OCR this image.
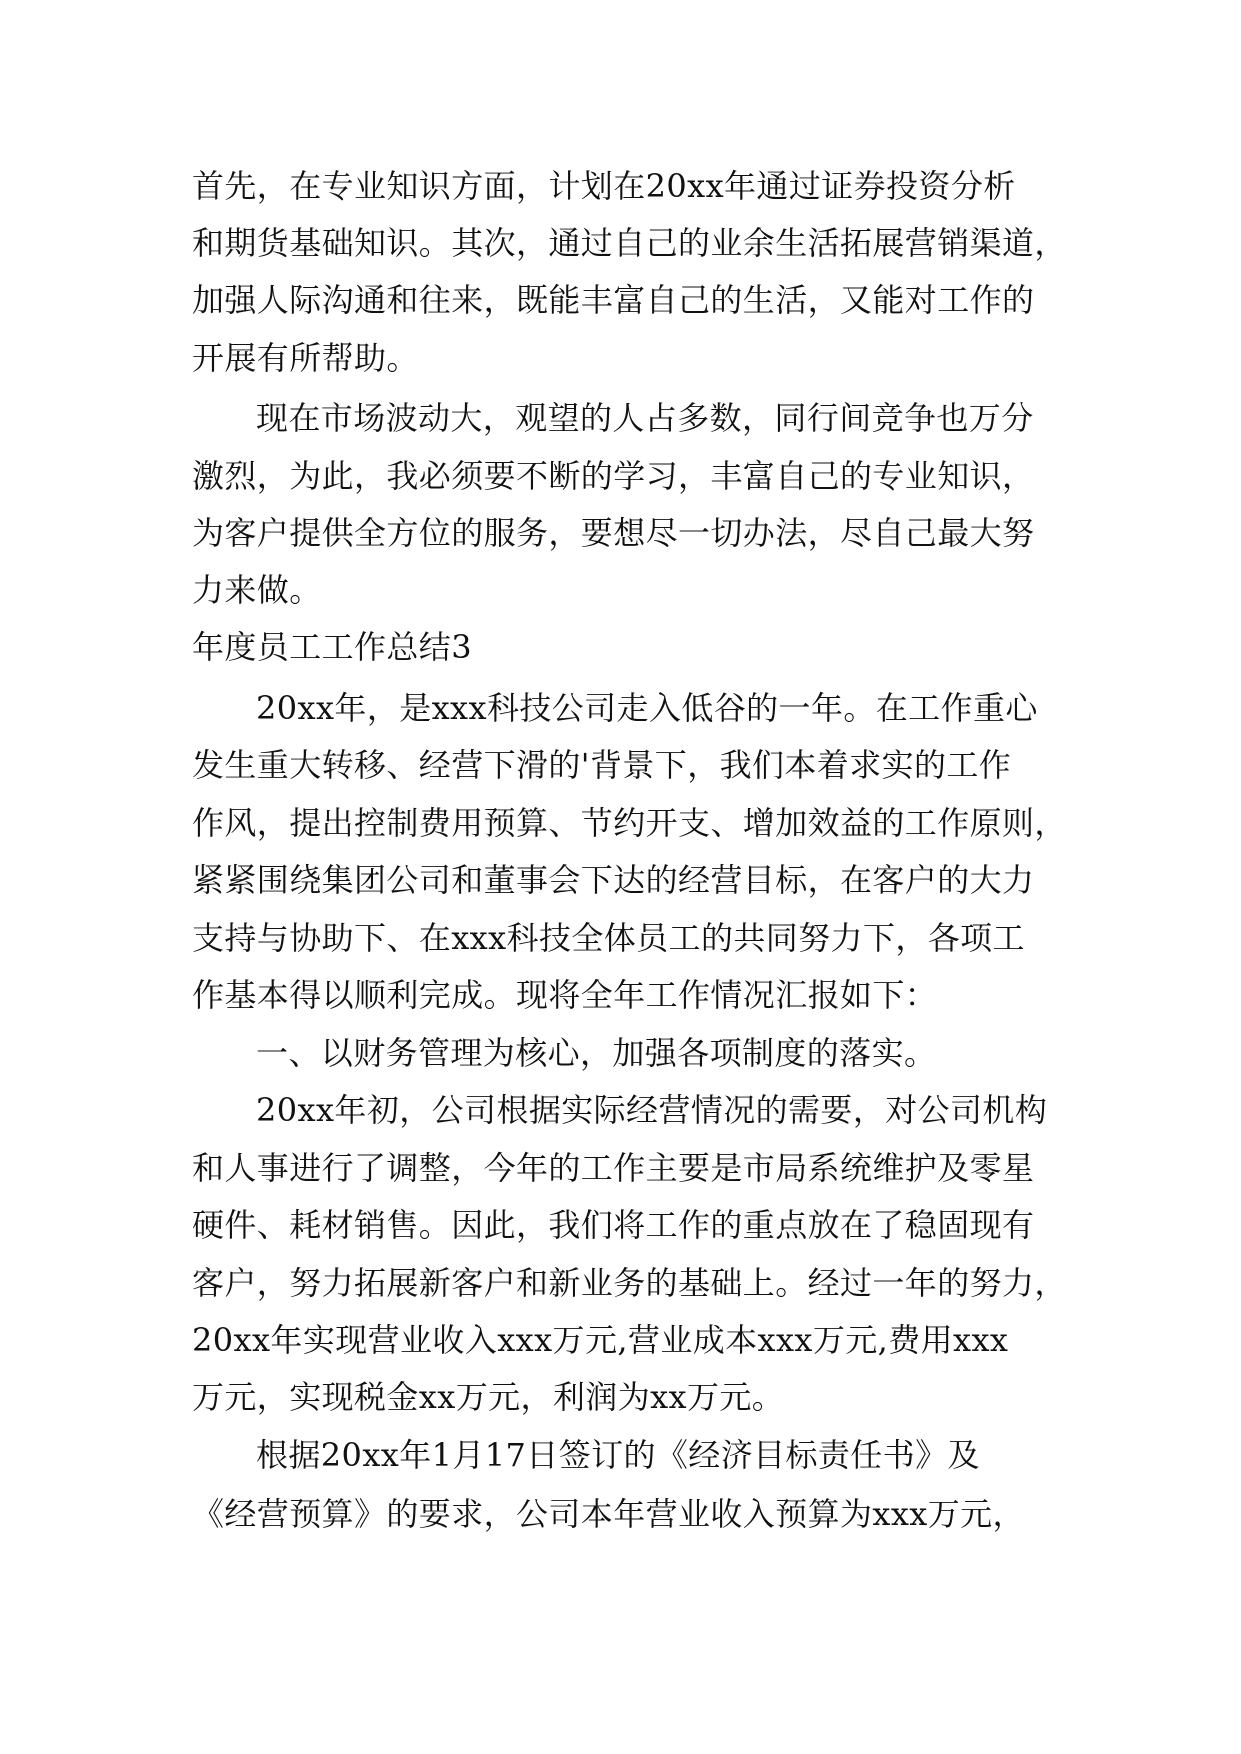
首先，在专业知识方面，计划在20xx年通过证券投资分析
和期货基础知识。其次，通过自己的业余生活拓展营销渠道，
加强人际沟通和往来，既能丰富自己的生活，又能对工作的
开展有所帮助。
现在市场波动大，观望的人占多数，同行间竞争也万分
激烈，为此，我必须要不断的学习，丰富自己的专业知识，
为客户提供全方位的服务，要想尽一切办法，尽自己最大努
力来做。
年度员工工作总结3
20xx年，是xxx科技公司走入低谷的一年。在工作重心
发生重大转移、经营下滑的'背景下，我们本着求实的工作
作风，提出控制费用预算、节约开支、增加效益的工作原则，
紧紧围绕集团公司和董事会下达的经营目标，在客户的大力
支持与协助下、在xxx科技全体员工的共同努力下，各项工
作基本得以顺利完成。现将全年工作情况汇报如下：
一、以财务管理为核心，加强各项制度的落实。
20xx年初，公司根据实际经营情况的需要，对公司机构
和人事进行了调整，今年的工作主要是市局系统维护及零星
硬件、耗材销售。因此，我们将工作的重点放在了稳固现有
客户，努力拓展新客户和新业务的基础上。经过一年的努力，
20xx年实现营业收入xxx万元,营业成本xxx万元,费用xxx
万元，实现税金xx万元，利润为xx万元。
根据20xx年1月17日签订的《经济目标责任书》及
《经营预算》的要求，公司本年营业收入预算为xxx万元，
